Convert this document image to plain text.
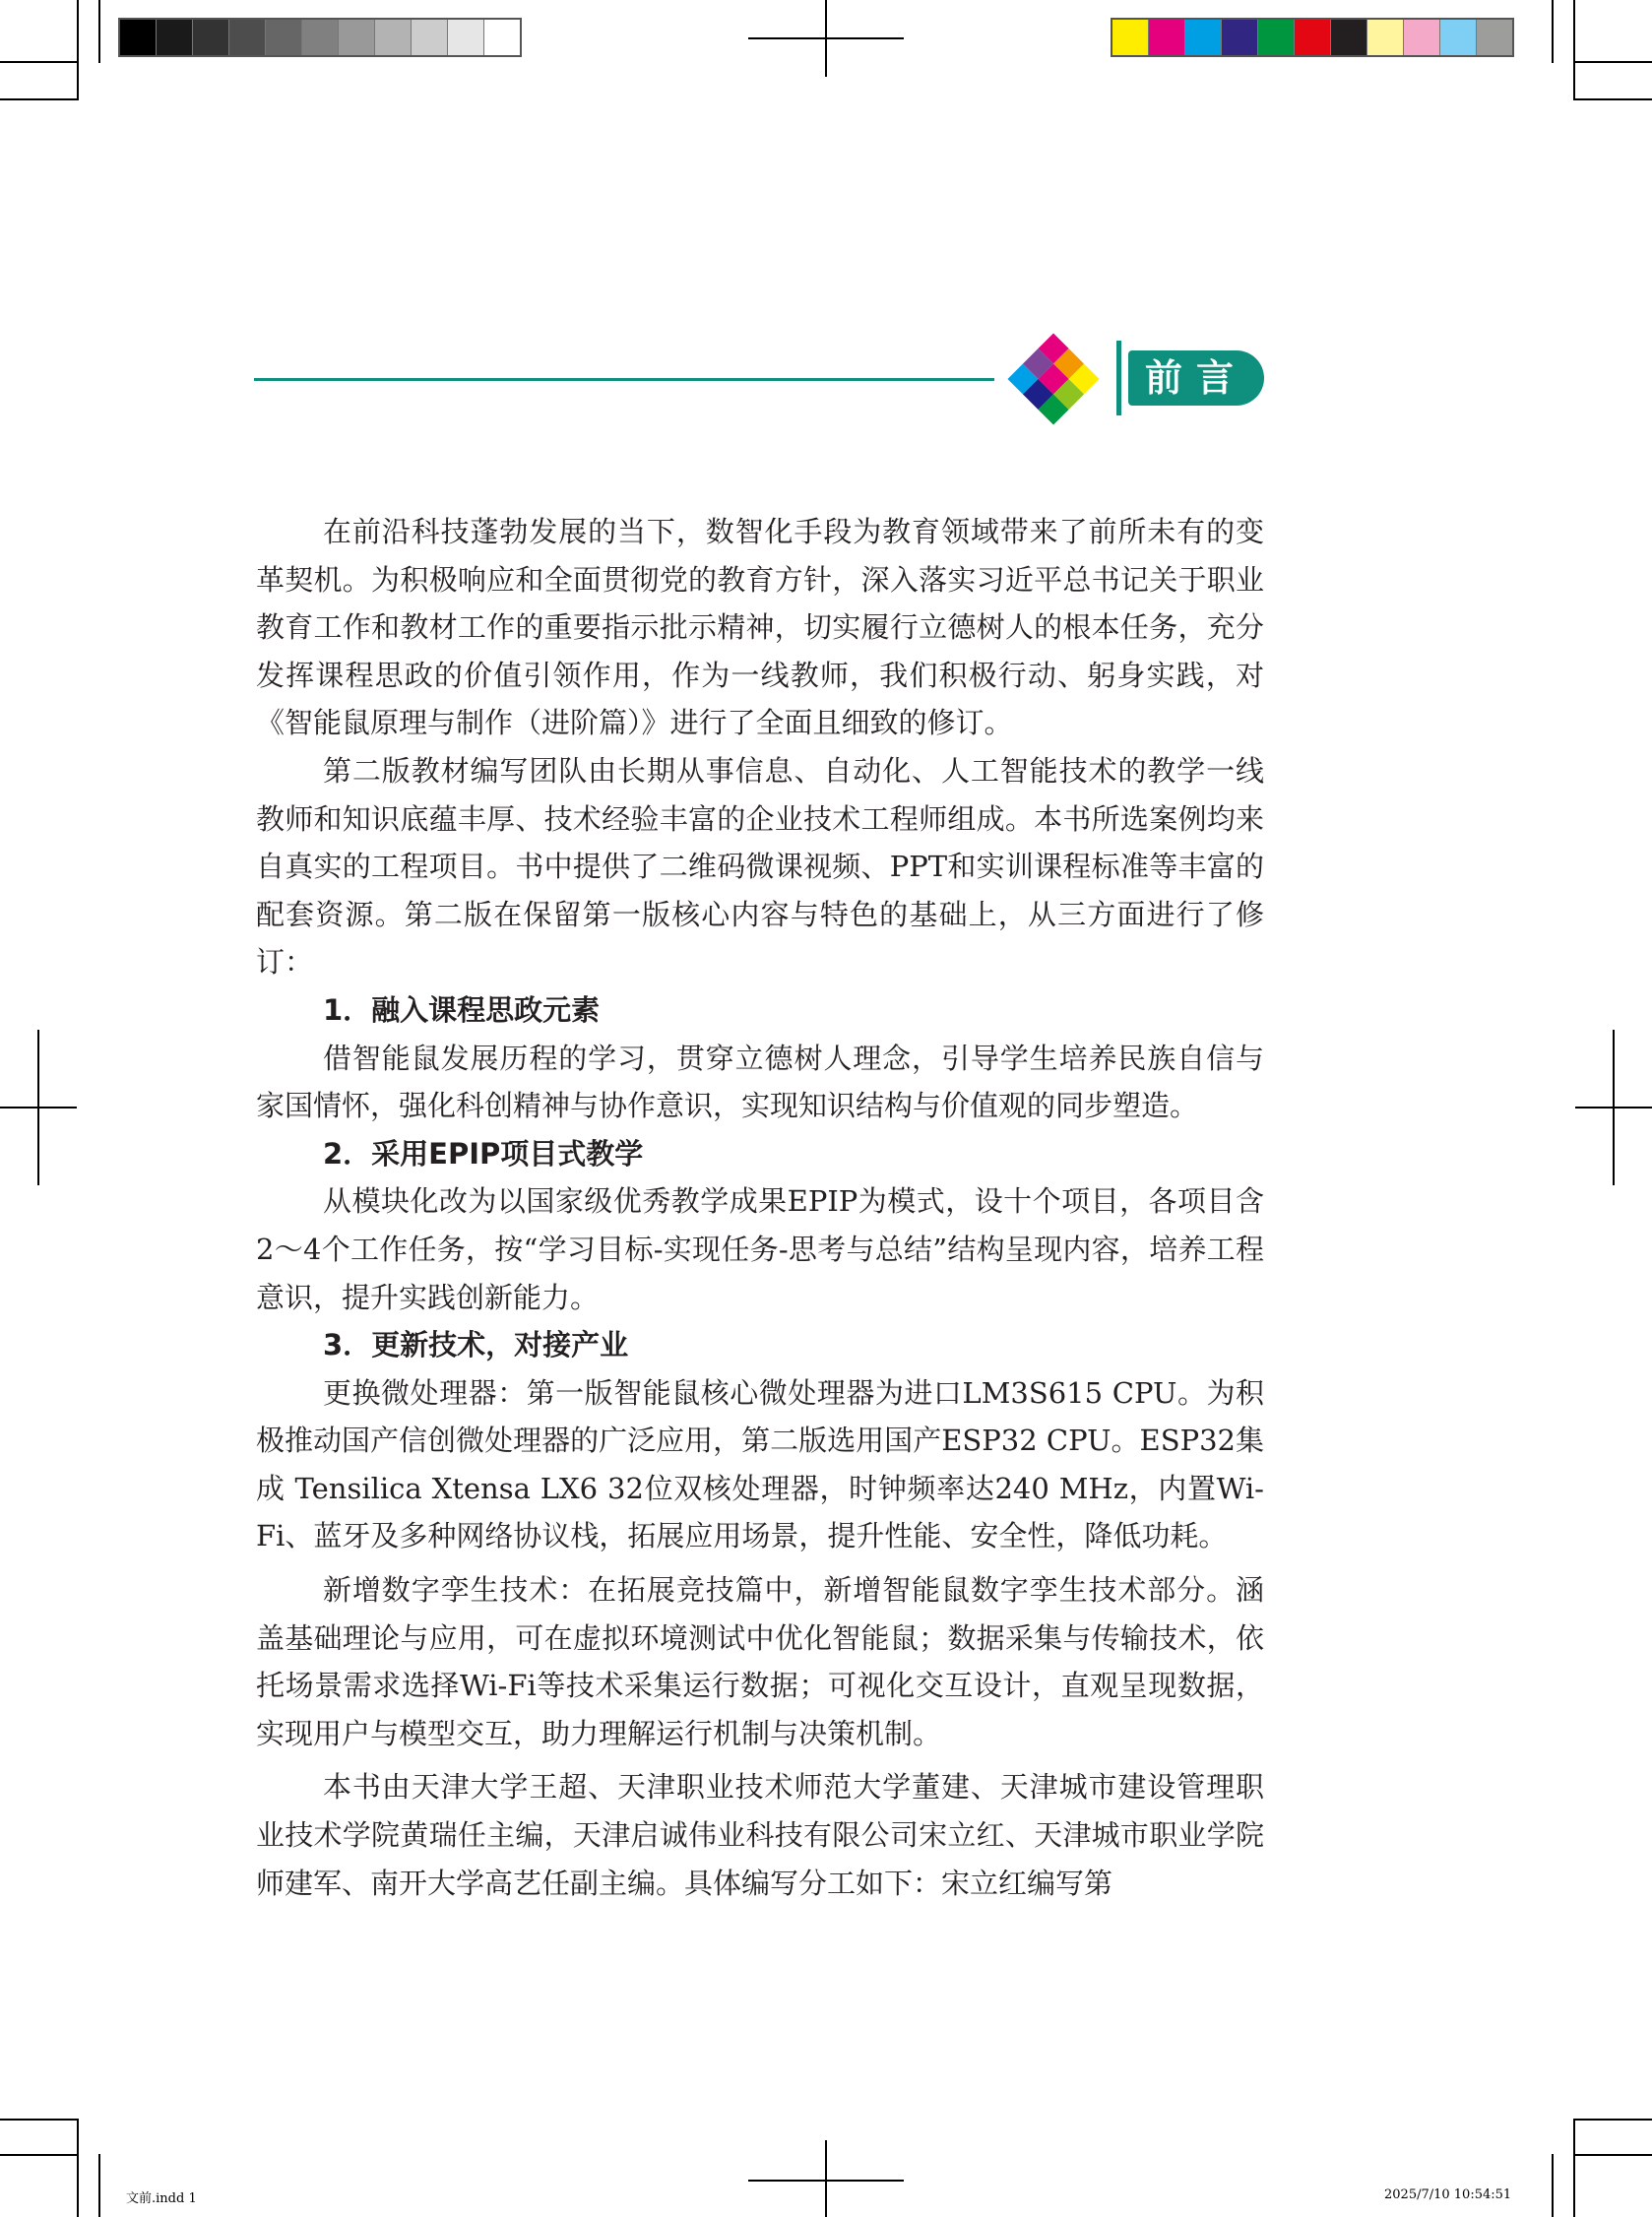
前言

在前沿科技蓬勃发展的当下，数智化手段为教育领域带来了前所未有的变革契机。为积极响应和全面贯彻党的教育方针，深入落实习近平总书记关于职业教育工作和教材工作的重要指示批示精神，切实履行立德树人的根本任务，充分发挥课程思政的价值引领作用，作为一线教师，我们积极行动、躬身实践，对《智能鼠原理与制作（进阶篇）》进行了全面且细致的修订。

第二版教材编写团队由长期从事信息、自动化、人工智能技术的教学一线教师和知识底蕴丰厚、技术经验丰富的企业技术工程师组成。本书所选案例均来自真实的工程项目。书中提供了二维码微课视频、PPT和实训课程标准等丰富的配套资源。第二版在保留第一版核心内容与特色的基础上，从三方面进行了修订：

1．融入课程思政元素

借智能鼠发展历程的学习，贯穿立德树人理念，引导学生培养民族自信与家国情怀，强化科创精神与协作意识，实现知识结构与价值观的同步塑造。

2．采用EPIP项目式教学

从模块化改为以国家级优秀教学成果EPIP为模式，设十个项目，各项目含2～4个工作任务，按“学习目标-实现任务-思考与总结”结构呈现内容，培养工程意识，提升实践创新能力。

3．更新技术，对接产业

更换微处理器：第一版智能鼠核心微处理器为进口LM3S615 CPU。为积极推动国产信创微处理器的广泛应用，第二版选用国产ESP32 CPU。ESP32集成 Tensilica Xtensa LX6 32位双核处理器，时钟频率达240 MHz，内置Wi-Fi、蓝牙及多种网络协议栈，拓展应用场景，提升性能、安全性，降低功耗。

新增数字孪生技术：在拓展竞技篇中，新增智能鼠数字孪生技术部分。涵盖基础理论与应用，可在虚拟环境测试中优化智能鼠；数据采集与传输技术，依托场景需求选择Wi-Fi等技术采集运行数据；可视化交互设计，直观呈现数据，实现用户与模型交互，助力理解运行机制与决策机制。

本书由天津大学王超、天津职业技术师范大学董建、天津城市建设管理职业技术学院黄瑞任主编，天津启诚伟业科技有限公司宋立红、天津城市职业学院师建军、南开大学高艺任副主编。具体编写分工如下：宋立红编写第

文前.indd 1	2025/7/10 10:54:51
